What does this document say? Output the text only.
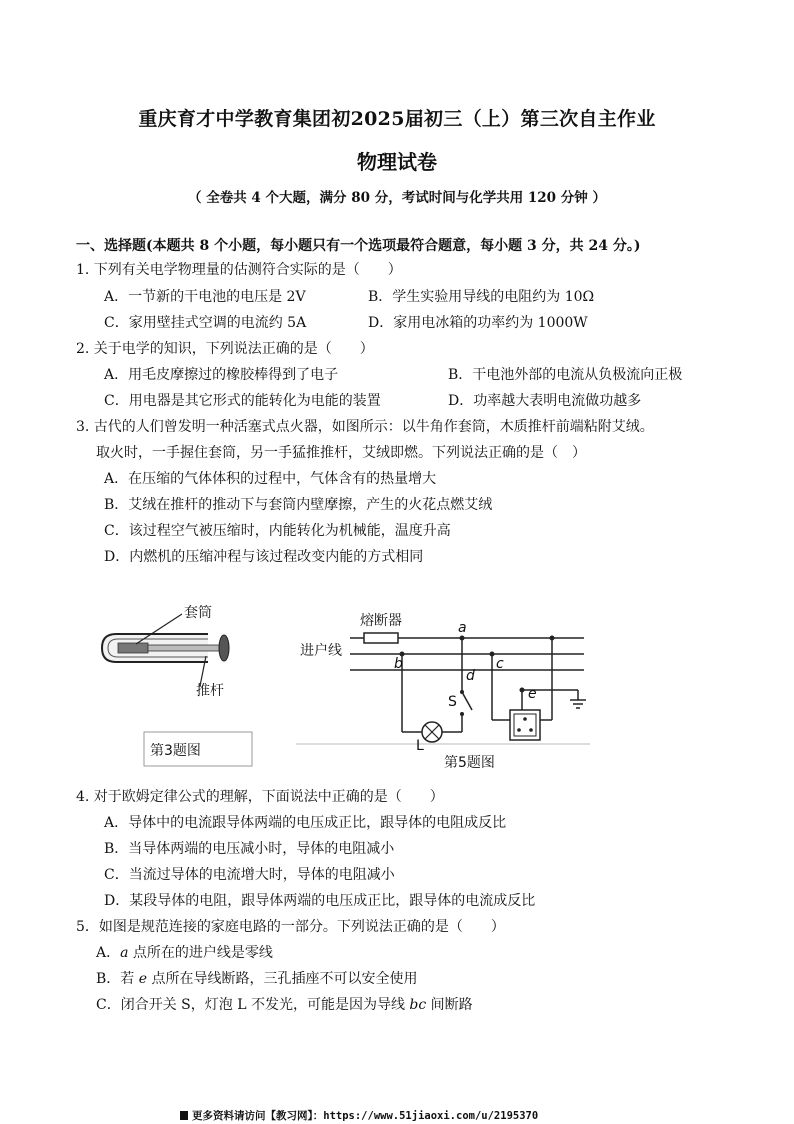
重庆育才中学教育集团初2025届初三（上）第三次自主作业
物理试卷
（ 全卷共 4 个大题，满分 80 分，考试时间与化学共用 120 分钟 ）
一、选择题(本题共 8 个小题，每小题只有一个选项最符合题意，每小题 3 分，共 24 分。)
1. 下列有关电学物理量的估测符合实际的是（　　）
A．一节新的干电池的电压是 2V	B．学生实验用导线的电阻约为 10Ω
C．家用壁挂式空调的电流约 5A	D．家用电冰箱的功率约为 1000W
2. 关于电学的知识，下列说法正确的是（　　）
A．用毛皮摩擦过的橡胶棒得到了电子	B．干电池外部的电流从负极流向正极
C．用电器是其它形式的能转化为电能的装置	D．功率越大表明电流做功越多
3. 古代的人们曾发明一种活塞式点火器，如图所示：以牛角作套筒，木质推杆前端粘附艾绒。
取火时，一手握住套筒，另一手猛推推杆，艾绒即燃。下列说法正确的是（　）
A．在压缩的气体体积的过程中，气体含有的热量增大
B．艾绒在推杆的推动下与套筒内壁摩擦，产生的火花点燃艾绒
C．该过程空气被压缩时，内能转化为机械能，温度升高
D．内燃机的压缩冲程与该过程改变内能的方式相同
套筒
推杆
第3题图
熔断器
进户线
a
b	c
d
e
S
L
第5题图
4. 对于欧姆定律公式的理解，下面说法中正确的是（　　）
A．导体中的电流跟导体两端的电压成正比，跟导体的电阻成反比
B．当导体两端的电压减小时，导体的电阻减小
C．当流过导体的电流增大时，导体的电阻减小
D．某段导体的电阻，跟导体两端的电压成正比，跟导体的电流成反比
5．如图是规范连接的家庭电路的一部分。下列说法正确的是（　　）
A．a 点所在的进户线是零线
B．若 e 点所在导线断路，三孔插座不可以安全使用
C．闭合开关 S，灯泡 L 不发光，可能是因为导线 bc 间断路
更多资料请访问【教习网】：https://www.51jiaoxi.com/u/2195370
